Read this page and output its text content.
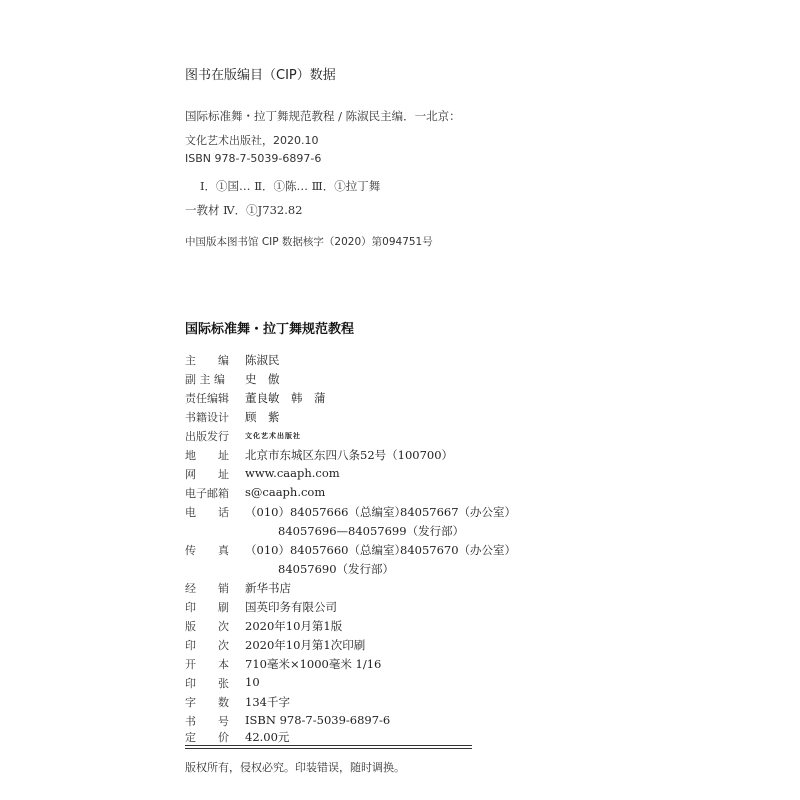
图书在版编目（CIP）数据
国际标准舞・拉丁舞规范教程 / 陈淑民主编．一北京：
文化艺术出版社，2020.10
ISBN 978-7-5039-6897-6
Ⅰ．①国… Ⅱ．①陈… Ⅲ．①拉丁舞
一教材 Ⅳ．①J732.82
中国版本图书馆 CIP 数据核字（2020）第094751号
国际标准舞・拉丁舞规范教程
主　　编	陈淑民
副 主 编	史　傲
责任编辑	董良敏　韩　蒲
书籍设计	顾　紫
出版发行	文化艺术出版社
地　　址	北京市东城区东四八条52号（100700）
网　　址	www.caaph.com
电子邮箱	s@caaph.com
电　　话	（010）84057666（总编室）
84057667（办公室）
84057696—84057699（发行部）
传　　真	（010）84057660（总编室）
84057670（办公室）
84057690（发行部）
经　　销	新华书店
印　　刷	国英印务有限公司
版　　次	2020年10月第1版
印　　次	2020年10月第1次印刷
开　　本	710毫米×1000毫米 1/16
印　　张	10
字　　数	134千字
书　　号	ISBN 978-7-5039-6897-6
定　　价	42.00元
版权所有，侵权必究。印装错误，随时调换。
